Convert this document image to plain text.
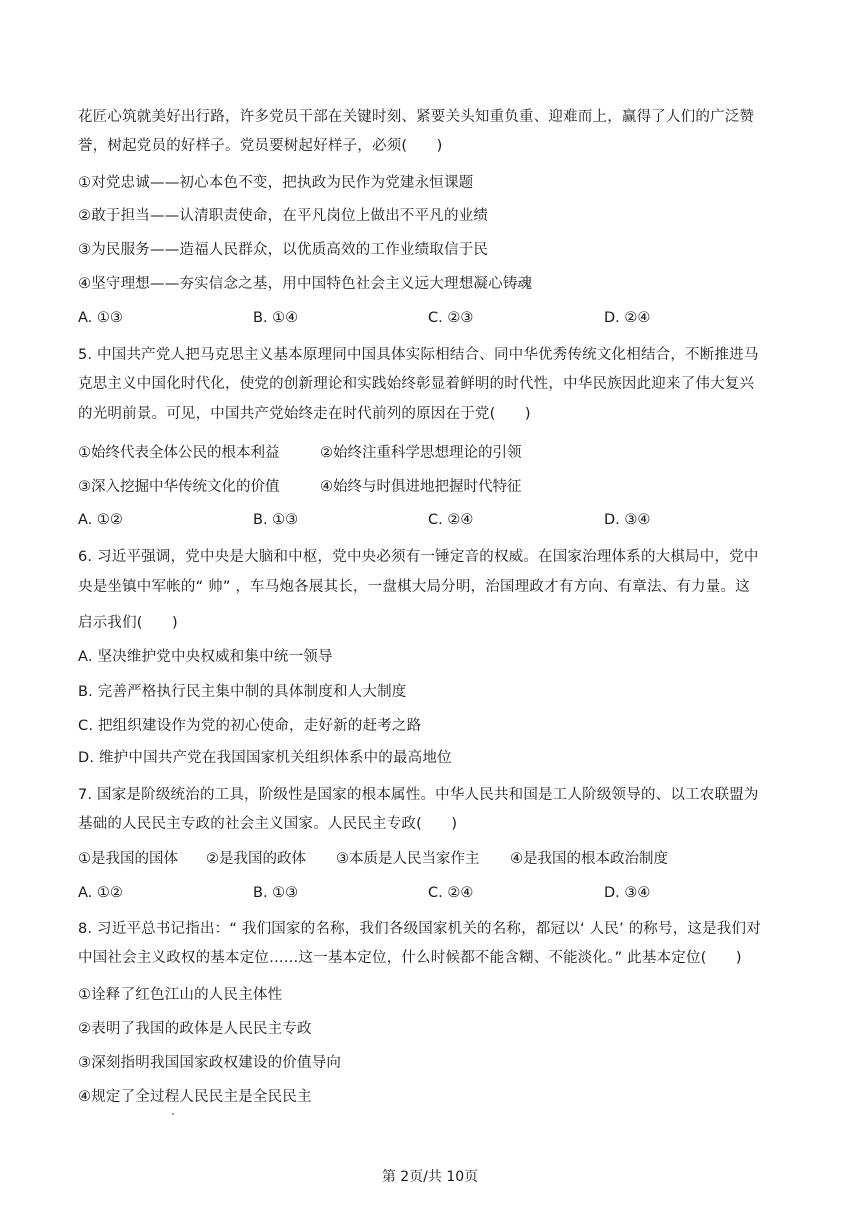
花匠心筑就美好出行路，许多党员干部在关键时刻、紧要关头知重负重、迎难而上，赢得了人们的广泛赞
誉，树起党员的好样子。党员要树起好样子，必须(　　)
①对党忠诚——初心本色不变，把执政为民作为党建永恒课题
②敢于担当——认清职责使命，在平凡岗位上做出不平凡的业绩
③为民服务——造福人民群众，以优质高效的工作业绩取信于民
④坚守理想——夯实信念之基，用中国特色社会主义远大理想凝心铸魂
A. ①③	B. ①④	C. ②③	D. ②④
5. 中国共产党人把马克思主义基本原理同中国具体实际相结合、同中华优秀传统文化相结合，不断推进马
克思主义中国化时代化，使党的创新理论和实践始终彰显着鲜明的时代性，中华民族因此迎来了伟大复兴
的光明前景。可见，中国共产党始终走在时代前列的原因在于党(　　)
①始终代表全体公民的根本利益	②始终注重科学思想理论的引领
③深入挖掘中华传统文化的价值	④始终与时俱进地把握时代特征
A. ①②	B. ①③	C. ②④	D. ③④
6. 习近平强调，党中央是大脑和中枢，党中央必须有一锤定音的权威。在国家治理体系的大棋局中，党中
央是坐镇中军帐的“ 帅” ，车马炮各展其长，一盘棋大局分明，治国理政才有方向、有章法、有力量。这
启示我们(　　)
A. 坚决维护党中央权威和集中统一领导
B. 完善严格执行民主集中制的具体制度和人大制度
C. 把组织建设作为党的初心使命，走好新的赶考之路
D. 维护中国共产党在我国国家机关组织体系中的最高地位
7. 国家是阶级统治的工具，阶级性是国家的根本属性。中华人民共和国是工人阶级领导的、以工农联盟为
基础的人民民主专政的社会主义国家。人民民主专政(　　)
①是我国的国体 ②是我国的政体 ③本质是人民当家作主 ④是我国的根本政治制度
A. ①②	B. ①③	C. ②④	D. ③④
8. 习近平总书记指出：“ 我们国家的名称，我们各级国家机关的名称，都冠以‘ 人民’ 的称号，这是我们对
中国社会主义政权的基本定位……这一基本定位，什么时候都不能含糊、不能淡化。” 此基本定位(　　)
①诠释了红色江山的人民主体性
②表明了我国的政体是人民民主专政
③深刻指明我国国家政权建设的价值导向
④规定了全过程人民民主是全民民主
第 2页/共 10页
